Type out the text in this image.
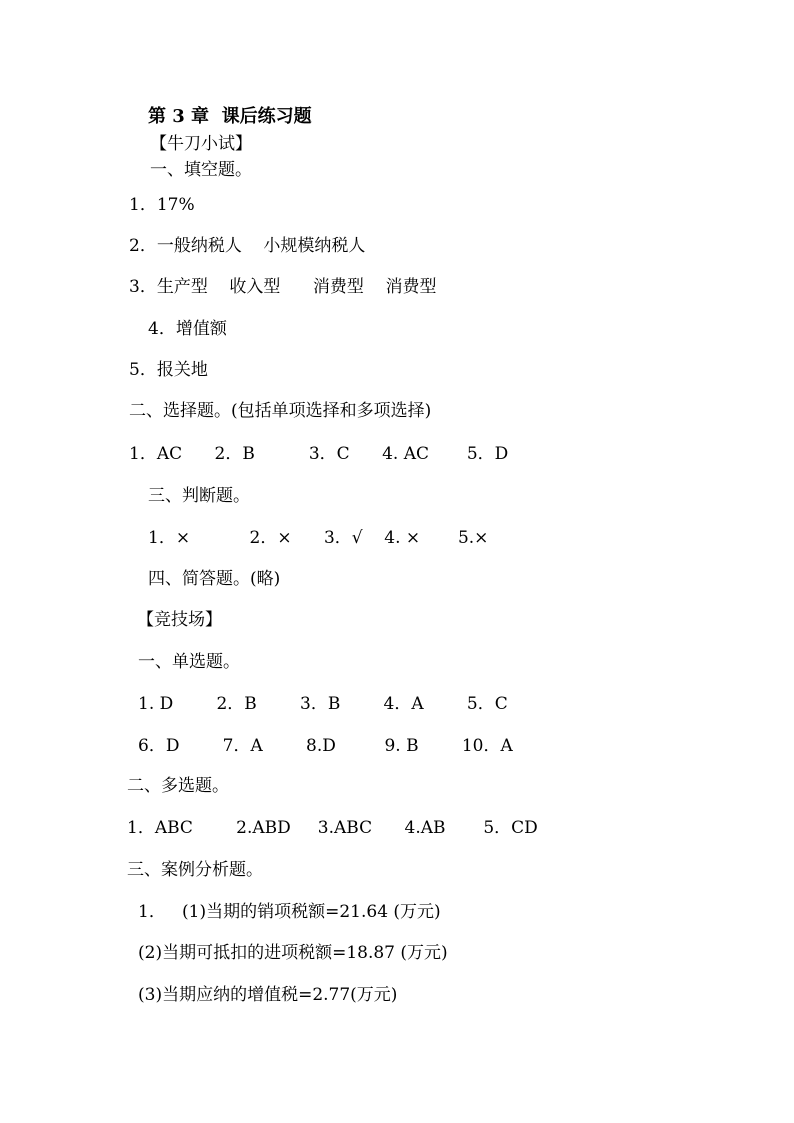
第 3 章  课后练习题
【牛刀小试】
一、填空题。
1．17%
2．一般纳税人    小规模纳税人
3．生产型    收入型      消费型    消费型
4．增值额
5．报关地
二、选择题。(包括单项选择和多项选择)
1．AC      2．B          3．C      4. AC       5．D
三、判断题。
1．×           2．×      3．√    4. ×       5.×
四、简答题。(略)
【竞技场】
一、单选题。
1. D        2．B        3．B        4．A        5．C
6．D        7．A        8.D         9. B        10．A
二、多选题。
1．ABC        2.ABD     3.ABC      4.AB       5．CD
三、案例分析题。
1．   (1)当期的销项税额=21.64 (万元)
(2)当期可抵扣的进项税额=18.87 (万元)
(3)当期应纳的增值税=2.77(万元)
